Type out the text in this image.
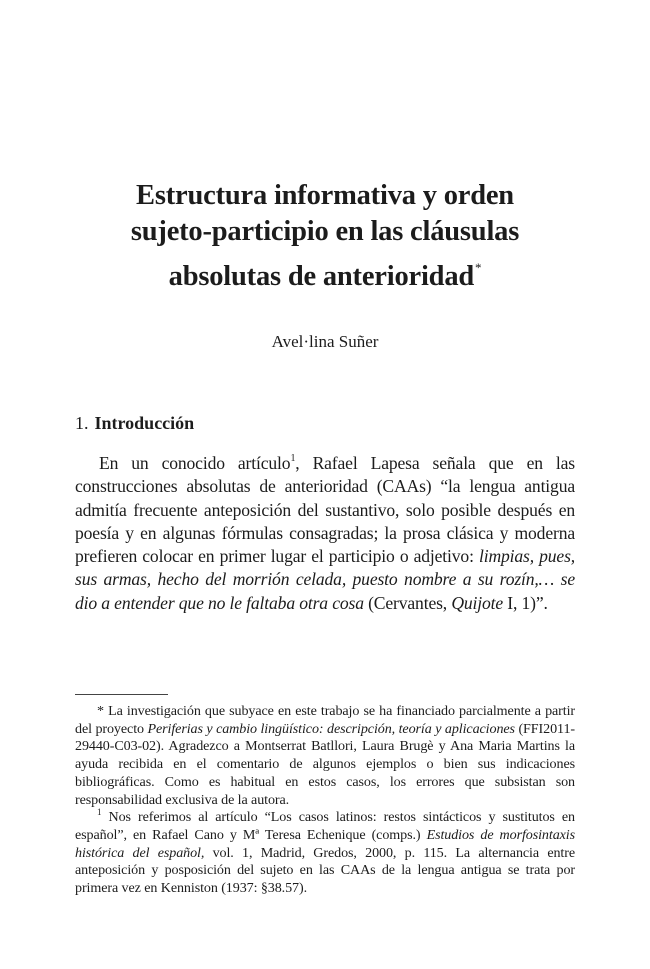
Estructura informativa y orden
sujeto-participio en las cláusulas
absolutas de anterioridad*

Avel·lina Suñer

1. Introducción

En un conocido artículo$^1$, Rafael Lapesa señala que en las construcciones absolutas de anterioridad (CAAs) “la lengua antigua admitía frecuente anteposición del sustantivo, solo posible después en poesía y en algunas fórmulas consagradas; la prosa clásica y moderna prefieren colocar en primer lugar el participio o adjetivo: limpias, pues, sus armas, hecho del morrión celada, puesto nombre a su rozín,… se dio a entender que no le faltaba otra cosa (Cervantes, Quijote I, 1)”.

* La investigación que subyace en este trabajo se ha financiado parcialmente a partir del proyecto Periferias y cambio lingüístico: descripción, teoría y aplicaciones (FFI2011-29440-C03-02). Agradezco a Montserrat Batllori, Laura Brugè y Ana Maria Martins la ayuda recibida en el comentario de algunos ejemplos o bien sus indicaciones bibliográficas. Como es habitual en estos casos, los errores que subsistan son responsabilidad exclusiva de la autora.

$^1$ Nos referimos al artículo “Los casos latinos: restos sintácticos y sustitutos en español”, en Rafael Cano y Mª Teresa Echenique (comps.) Estudios de morfosintaxis histórica del español, vol. 1, Madrid, Gredos, 2000, p. 115. La alternancia entre anteposición y posposición del sujeto en las CAAs de la lengua antigua se trata por primera vez en Kenniston (1937: §38.57).
